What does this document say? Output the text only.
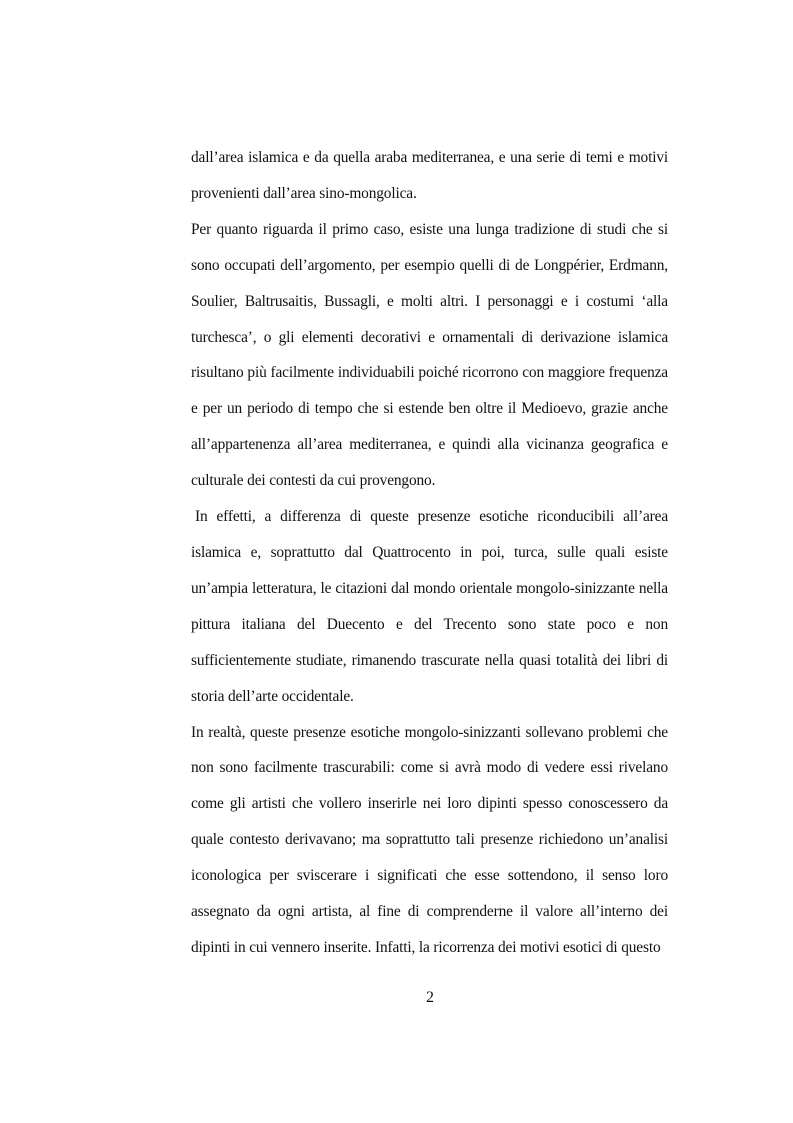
dall’area islamica e da quella araba mediterranea, e una serie di temi e motivi provenienti dall’area sino-mongolica.

Per quanto riguarda il primo caso, esiste una lunga tradizione di studi che si sono occupati dell’argomento, per esempio quelli di de Longpérier, Erdmann, Soulier, Baltrusaitis, Bussagli, e molti altri. I personaggi e i costumi ‘alla turchesca’, o gli elementi decorativi e ornamentali di derivazione islamica risultano più facilmente individuabili poiché ricorrono con maggiore frequenza e per un periodo di tempo che si estende ben oltre il Medioevo, grazie anche all’appartenenza all’area mediterranea, e quindi alla vicinanza geografica e culturale dei contesti da cui provengono.

In effetti, a differenza di queste presenze esotiche riconducibili all’area islamica e, soprattutto dal Quattrocento in poi, turca, sulle quali esiste un’ampia letteratura, le citazioni dal mondo orientale mongolo-sinizzante nella pittura italiana del Duecento e del Trecento sono state poco e non sufficientemente studiate, rimanendo trascurate nella quasi totalità dei libri di storia dell’arte occidentale.

In realtà, queste presenze esotiche mongolo-sinizzanti sollevano problemi che non sono facilmente trascurabili: come si avrà modo di vedere essi rivelano come gli artisti che vollero inserirle nei loro dipinti spesso conoscessero da quale contesto derivavano; ma soprattutto tali presenze richiedono un’analisi iconologica per sviscerare i significati che esse sottendono, il senso loro assegnato da ogni artista, al fine di comprenderne il valore all’interno dei dipinti in cui vennero inserite. Infatti, la ricorrenza dei motivi esotici di questo

2
